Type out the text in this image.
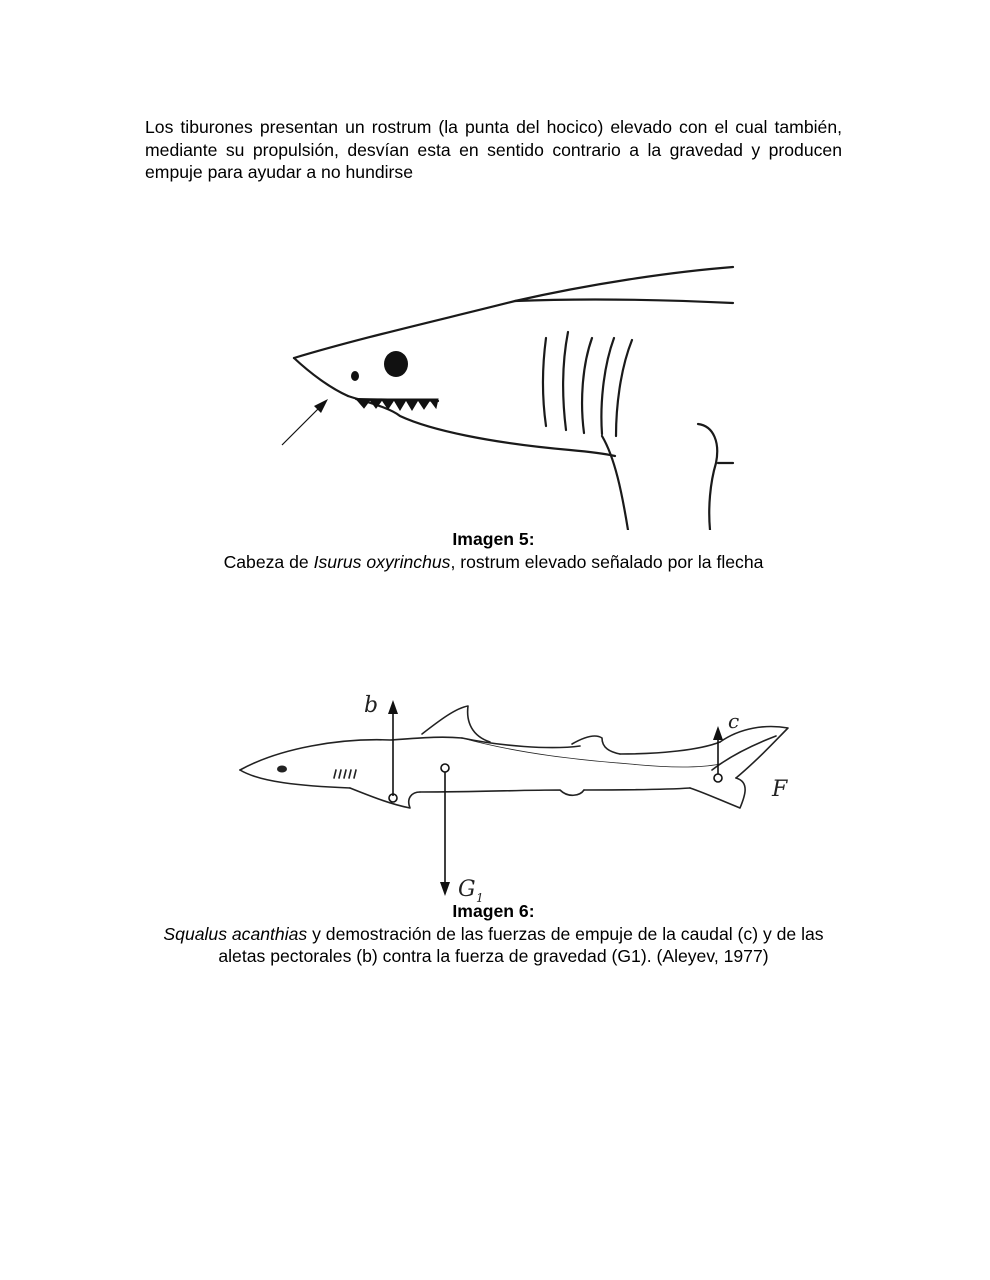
Los tiburones presentan un rostrum (la punta del hocico) elevado con el cual también, mediante su propulsión, desvían esta en sentido contrario a la gravedad y producen empuje para ayudar a no hundirse

Imagen 5:
Cabeza de Isurus oxyrinchus, rostrum elevado señalado por la flecha

b
c
F
G 1

Imagen 6:
Squalus acanthias y demostración de las fuerzas de empuje de la caudal (c) y de las aletas pectorales (b) contra la fuerza de gravedad (G1). (Aleyev, 1977)
